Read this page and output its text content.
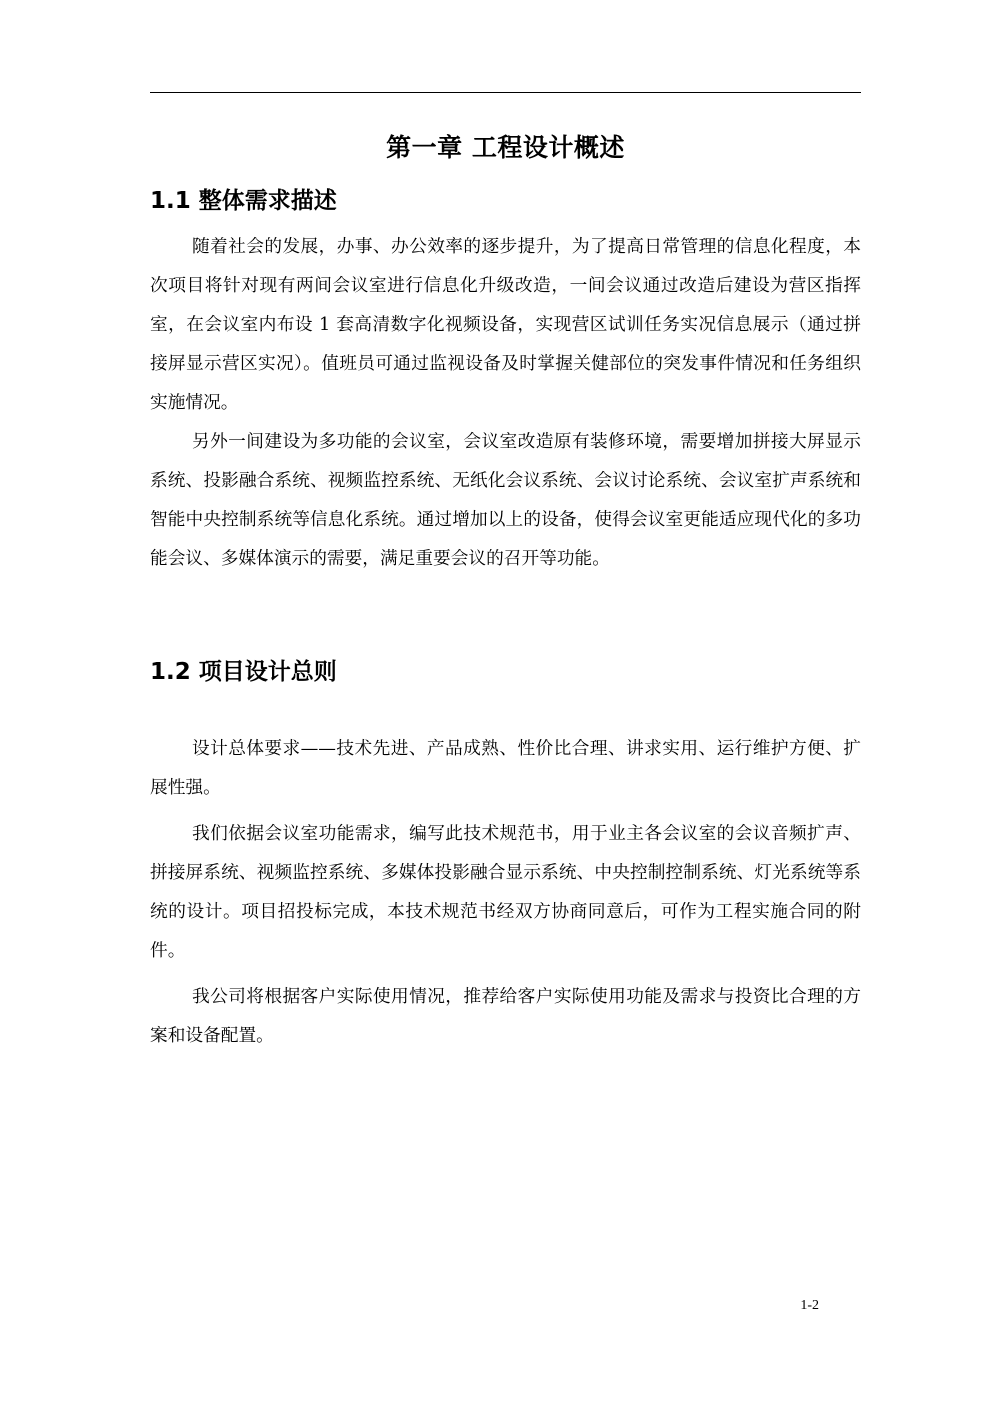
第一章 工程设计概述
1.1 整体需求描述

随着社会的发展，办事、办公效率的逐步提升，为了提高日常管理的信息化程度，本次项目将针对现有两间会议室进行信息化升级改造，一间会议通过改造后建设为营区指挥室，在会议室内布设 1 套高清数字化视频设备，实现营区试训任务实况信息展示（通过拼接屏显示营区实况）。值班员可通过监视设备及时掌握关健部位的突发事件情况和任务组织实施情况。

另外一间建设为多功能的会议室，会议室改造原有装修环境，需要增加拼接大屏显示系统、投影融合系统、视频监控系统、无纸化会议系统、会议讨论系统、会议室扩声系统和智能中央控制系统等信息化系统。通过增加以上的设备，使得会议室更能适应现代化的多功能会议、多媒体演示的需要，满足重要会议的召开等功能。

1.2 项目设计总则

设计总体要求——技术先进、产品成熟、性价比合理、讲求实用、运行维护方便、扩展性强。

我们依据会议室功能需求，编写此技术规范书，用于业主各会议室的会议音频扩声、拼接屏系统、视频监控系统、多媒体投影融合显示系统、中央控制控制系统、灯光系统等系统的设计。项目招投标完成，本技术规范书经双方协商同意后，可作为工程实施合同的附件。

我公司将根据客户实际使用情况，推荐给客户实际使用功能及需求与投资比合理的方案和设备配置。

1-2
